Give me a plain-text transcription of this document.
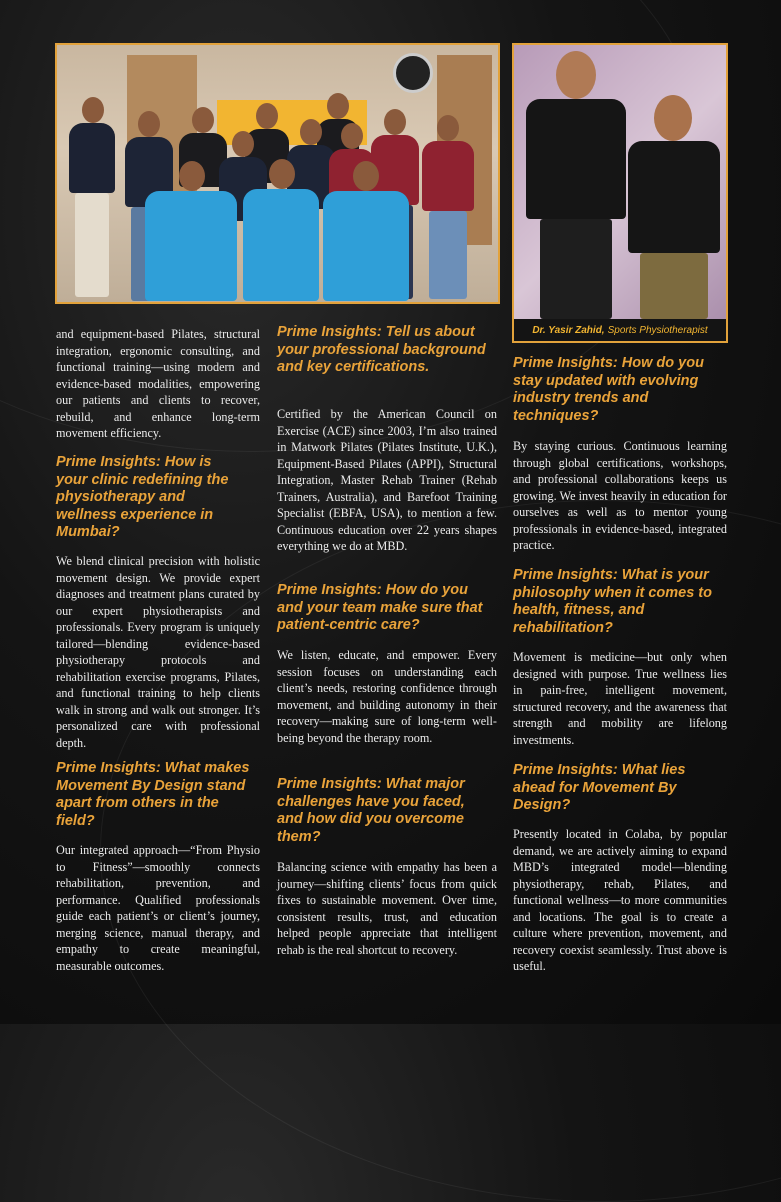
Dr. Yasir Zahid, Sports Physiotherapist

and equipment-based Pilates, structural integration, ergonomic consulting, and functional training—using modern and evidence-based modalities, empowering our patients and clients to recover, rebuild, and enhance long-term movement efficiency.

Prime Insights: How is your clinic redefining the physiotherapy and wellness experience in Mumbai?

We blend clinical precision with holistic movement design. We provide expert diagnoses and treatment plans curated by our expert physiotherapists and professionals. Every program is uniquely tailored—blending evidence-based physiotherapy protocols and rehabilitation exercise programs, Pilates, and functional training to help clients walk in strong and walk out stronger. It’s personalized care with professional depth.

Prime Insights: What makes Movement By Design stand apart from others in the field?

Our integrated approach—“From Physio to Fitness”—smoothly connects rehabilitation, prevention, and performance. Qualified professionals guide each patient’s or client’s journey, merging science, manual therapy, and empathy to create meaningful, measurable outcomes.

Prime Insights: Tell us about your professional background and key certifications.

Certified by the American Council on Exercise (ACE) since 2003, I’m also trained in Matwork Pilates (Pilates Institute, U.K.), Equipment-Based Pilates (APPI), Structural Integration, Master Rehab Trainer (Rehab Trainers, Australia), and Barefoot Training Specialist (EBFA, USA), to mention a few. Continuous education over 22 years shapes everything we do at MBD.

Prime Insights: How do you and your team make sure that patient-centric care?

We listen, educate, and empower. Every session focuses on understanding each client’s needs, restoring confidence through movement, and building autonomy in their recovery—making sure of long-term well-being beyond the therapy room.

Prime Insights: What major challenges have you faced, and how did you overcome them?

Balancing science with empathy has been a journey—shifting clients’ focus from quick fixes to sustainable movement. Over time, consistent results, trust, and education helped people appreciate that intelligent rehab is the real shortcut to recovery.

Prime Insights: How do you stay updated with evolving industry trends and techniques?

By staying curious. Continuous learning through global certifications, workshops, and professional collaborations keeps us growing. We invest heavily in education for ourselves as well as to mentor young professionals in evidence-based, integrated practice.

Prime Insights: What is your philosophy when it comes to health, fitness, and rehabilitation?

Movement is medicine—but only when designed with purpose. True wellness lies in pain-free, intelligent movement, structured recovery, and the awareness that strength and mobility are lifelong investments.

Prime Insights: What lies ahead for Movement By Design?

Presently located in Colaba, by popular demand, we are actively aiming to expand MBD’s integrated model—blending physiotherapy, rehab, Pilates, and functional wellness—to more communities and locations. The goal is to create a culture where prevention, movement, and recovery coexist seamlessly. Trust above is useful.
